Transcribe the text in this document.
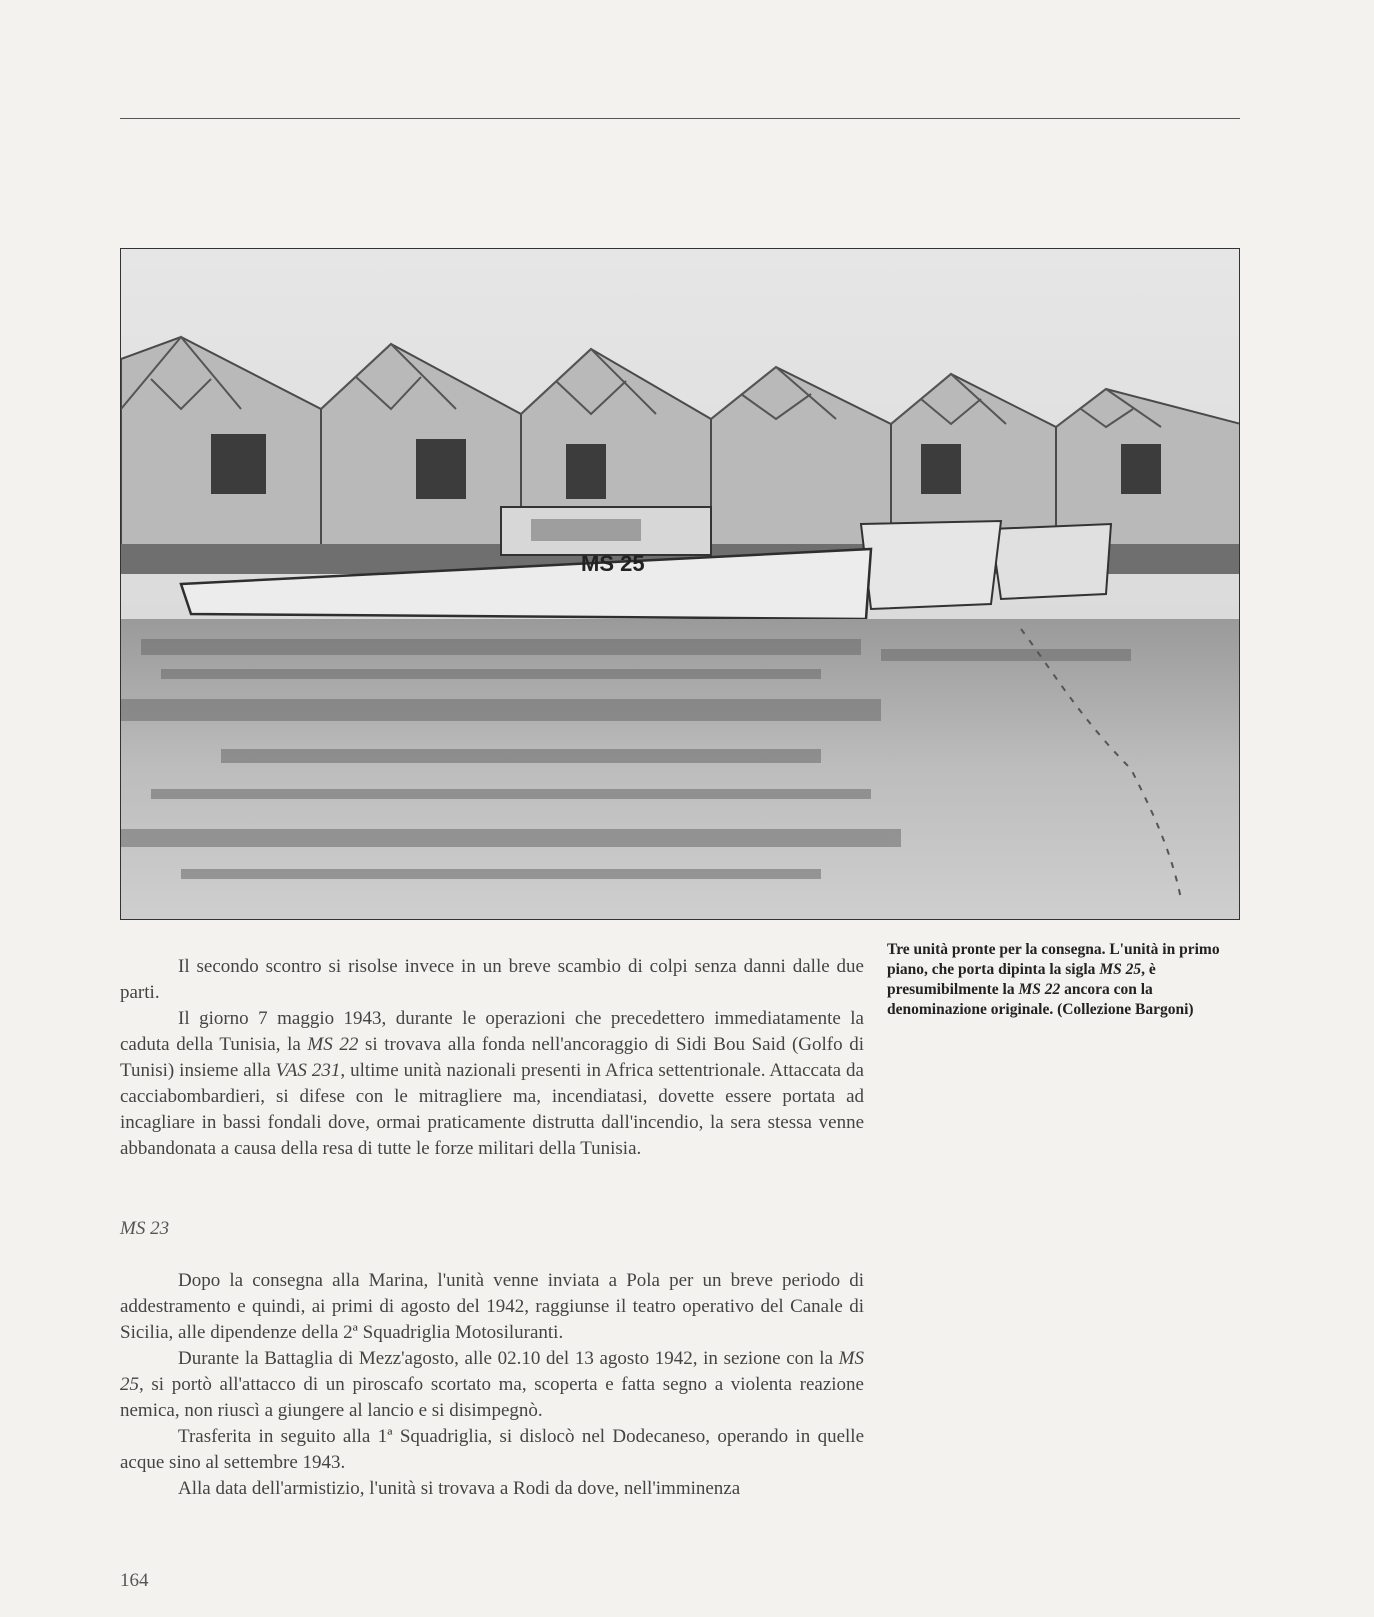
MS 25
Tre unità pronte per la consegna. L'unità in primo piano, che porta dipinta la sigla MS 25, è presumibilmente la MS 22 ancora con la denominazione originale. (Collezione Bargoni)

Il secondo scontro si risolse invece in un breve scambio di colpi senza danni dalle due parti.

Il giorno 7 maggio 1943, durante le operazioni che precedettero immediatamente la caduta della Tunisia, la MS 22 si trovava alla fonda nell'ancoraggio di Sidi Bou Said (Golfo di Tunisi) insieme alla VAS 231, ultime unità nazionali presenti in Africa settentrionale. Attaccata da cacciabombardieri, si difese con le mitragliere ma, incendiatasi, dovette essere portata ad incagliare in bassi fondali dove, ormai praticamente distrutta dall'incendio, la sera stessa venne abbandonata a causa della resa di tutte le forze militari della Tunisia.

MS 23

Dopo la consegna alla Marina, l'unità venne inviata a Pola per un breve periodo di addestramento e quindi, ai primi di agosto del 1942, raggiunse il teatro operativo del Canale di Sicilia, alle dipendenze della 2ª Squadriglia Motosiluranti.

Durante la Battaglia di Mezz'agosto, alle 02.10 del 13 agosto 1942, in sezione con la MS 25, si portò all'attacco di un piroscafo scortato ma, scoperta e fatta segno a violenta reazione nemica, non riuscì a giungere al lancio e si disimpegnò.

Trasferita in seguito alla 1ª Squadriglia, si dislocò nel Dodecaneso, operando in quelle acque sino al settembre 1943.

Alla data dell'armistizio, l'unità si trovava a Rodi da dove, nell'imminenza

164
